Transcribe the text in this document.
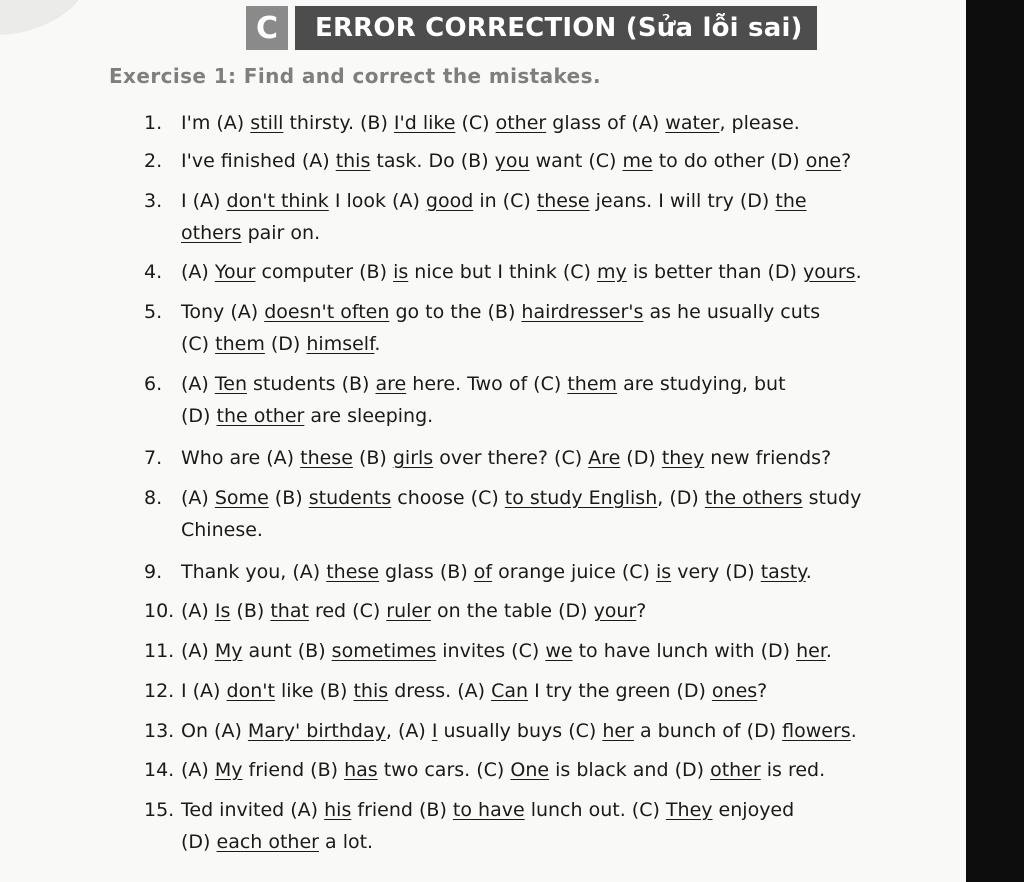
C	ERROR CORRECTION (Sửa lỗi sai)
Exercise 1: Find and correct the mistakes.
1. I'm (A) still thirsty. (B) I'd like (C) other glass of (A) water, please.
2. I've finished (A) this task. Do (B) you want (C) me to do other (D) one?
3. I (A) don't think I look (A) good in (C) these jeans. I will try (D) the
others pair on.
4. (A) Your computer (B) is nice but I think (C) my is better than (D) yours.
5. Tony (A) doesn't often go to the (B) hairdresser's as he usually cuts
(C) them (D) himself.
6. (A) Ten students (B) are here. Two of (C) them are studying, but
(D) the other are sleeping.
7. Who are (A) these (B) girls over there? (C) Are (D) they new friends?
8. (A) Some (B) students choose (C) to study English, (D) the others study
Chinese.
9. Thank you, (A) these glass (B) of orange juice (C) is very (D) tasty.
10. (A) Is (B) that red (C) ruler on the table (D) your?
11. (A) My aunt (B) sometimes invites (C) we to have lunch with (D) her.
12. I (A) don't like (B) this dress. (A) Can I try the green (D) ones?
13. On (A) Mary' birthday, (A) I usually buys (C) her a bunch of (D) flowers.
14. (A) My friend (B) has two cars. (C) One is black and (D) other is red.
15. Ted invited (A) his friend (B) to have lunch out. (C) They enjoyed
(D) each other a lot.
